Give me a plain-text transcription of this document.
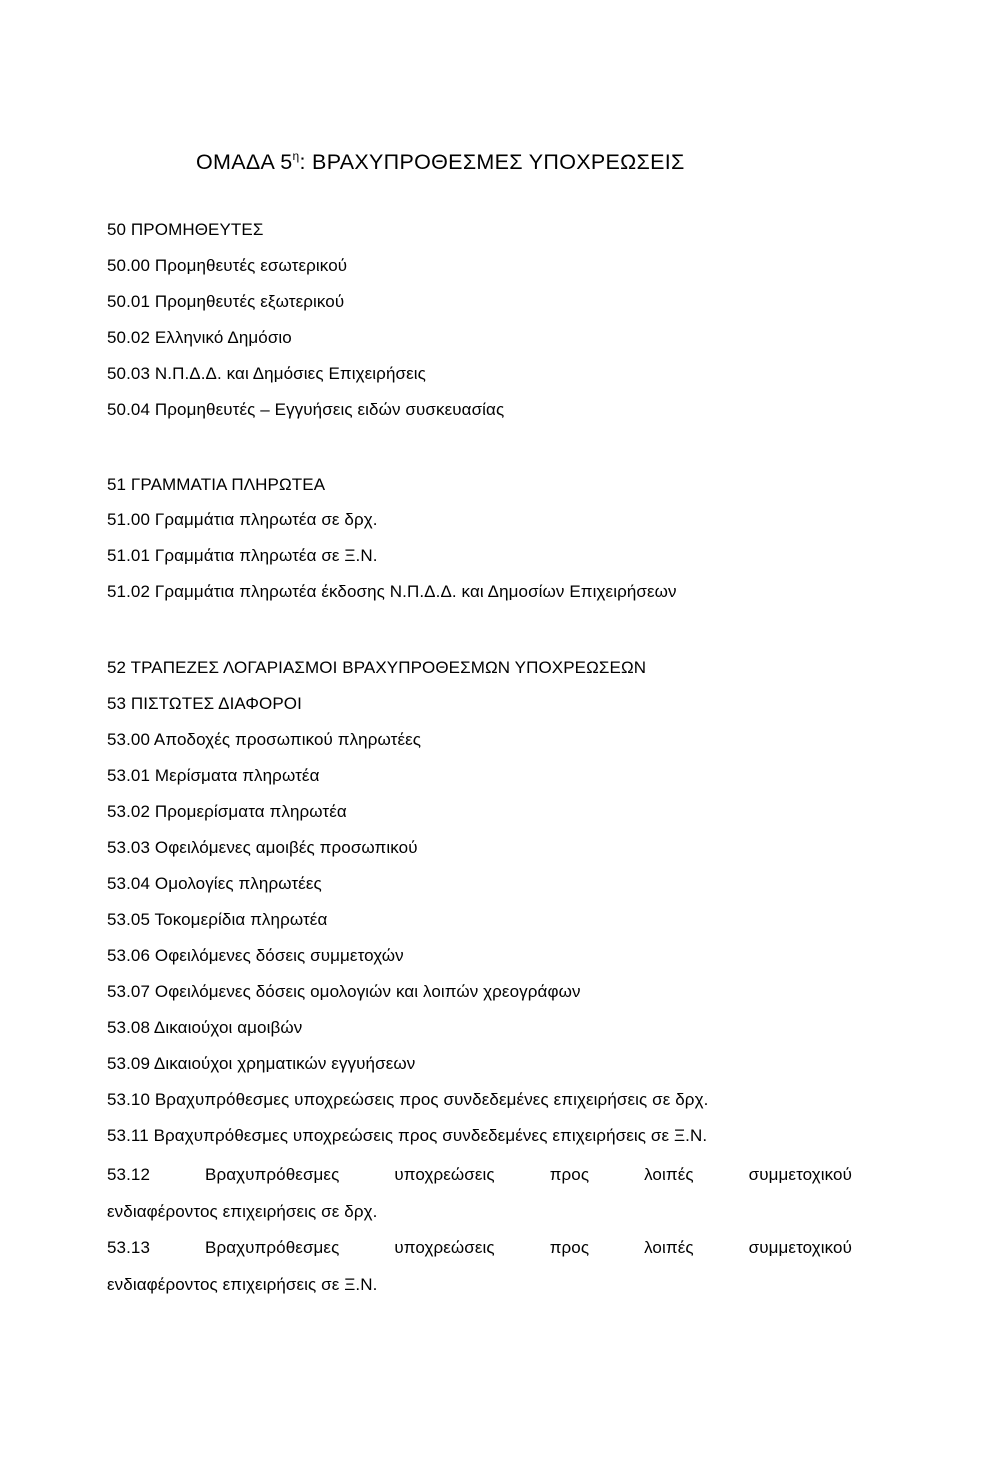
ΟΜΑΔΑ $5^\eta$: ΒΡΑΧΥΠΡΟΘΕΣΜΕΣ ΥΠΟΧΡΕΩΣΕΙΣ
50 ΠΡΟΜΗΘΕΥΤΕΣ
50.00 Προμηθευτές εσωτερικού
50.01 Προμηθευτές εξωτερικού
50.02 Ελληνικό Δημόσιο
50.03 Ν.Π.Δ.Δ. και Δημόσιες Επιχειρήσεις
50.04 Προμηθευτές – Εγγυήσεις ειδών συσκευασίας
51 ΓΡΑΜΜΑΤΙΑ ΠΛΗΡΩΤΕΑ
51.00 Γραμμάτια πληρωτέα σε δρχ.
51.01 Γραμμάτια πληρωτέα σε Ξ.Ν.
51.02 Γραμμάτια πληρωτέα έκδοσης Ν.Π.Δ.Δ. και Δημοσίων Επιχειρήσεων
52 ΤΡΑΠΕΖΕΣ ΛΟΓΑΡΙΑΣΜΟΙ ΒΡΑΧΥΠΡΟΘΕΣΜΩΝ ΥΠΟΧΡΕΩΣΕΩΝ
53 ΠΙΣΤΩΤΕΣ ΔΙΑΦΟΡΟΙ
53.00 Αποδοχές προσωπικού πληρωτέες
53.01 Μερίσματα πληρωτέα
53.02 Προμερίσματα πληρωτέα
53.03 Οφειλόμενες αμοιβές προσωπικού
53.04 Ομολογίες πληρωτέες
53.05 Τοκομερίδια πληρωτέα
53.06 Οφειλόμενες δόσεις συμμετοχών
53.07 Οφειλόμενες δόσεις ομολογιών και λοιπών χρεογράφων
53.08 Δικαιούχοι αμοιβών
53.09 Δικαιούχοι χρηματικών εγγυήσεων
53.10 Βραχυπρόθεσμες υποχρεώσεις προς συνδεδεμένες επιχειρήσεις σε δρχ.
53.11 Βραχυπρόθεσμες υποχρεώσεις προς συνδεδεμένες επιχειρήσεις σε Ξ.Ν.
53.12	Βραχυπρόθεσμες	υποχρεώσεις	προς	λοιπές	συμμετοχικού
ενδιαφέροντος επιχειρήσεις σε δρχ.
53.13	Βραχυπρόθεσμες	υποχρεώσεις	προς	λοιπές	συμμετοχικού
ενδιαφέροντος επιχειρήσεις σε Ξ.Ν.
